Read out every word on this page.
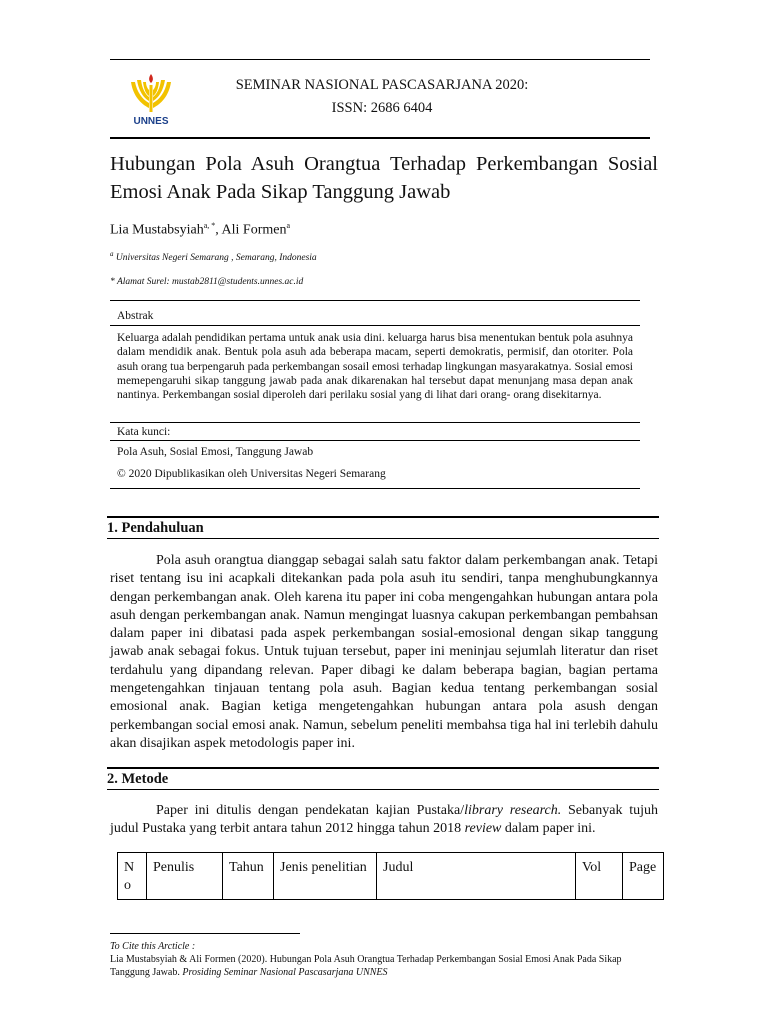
UNNES
SEMINAR NASIONAL PASCASARJANA 2020:
ISSN: 2686 6404
Hubungan Pola Asuh Orangtua Terhadap Perkembangan Sosial Emosi Anak Pada Sikap Tanggung Jawab
Lia Mustabsyiah$^{a, *}$, Ali Formen$^a$
$^a$ Universitas Negeri Semarang , Semarang, Indonesia
* Alamat Surel: mustab2811@students.unnes.ac.id
Abstrak
Keluarga adalah pendidikan pertama untuk anak usia dini. keluarga harus bisa menentukan bentuk pola asuhnya dalam mendidik anak. Bentuk pola asuh ada beberapa macam, seperti demokratis, permisif, dan otoriter. Pola asuh orang tua berpengaruh pada perkembangan sosail emosi terhadap lingkungan masyarakatnya. Sosial emosi memepengaruhi sikap tanggung jawab pada anak dikarenakan hal tersebut dapat menunjang masa depan anak nantinya. Perkembangan sosial diperoleh dari perilaku sosial yang di lihat dari orang- orang disekitarnya.
Kata kunci:
Pola Asuh, Sosial Emosi, Tanggung Jawab
© 2020 Dipublikasikan oleh Universitas Negeri Semarang
1. Pendahuluan
Pola asuh orangtua dianggap sebagai salah satu faktor dalam perkembangan anak. Tetapi riset tentang isu ini acapkali ditekankan pada pola asuh itu sendiri, tanpa menghubungkannya dengan perkembangan anak. Oleh karena itu paper ini coba mengengahkan hubungan antara pola asuh dengan perkembangan anak. Namun mengingat luasnya cakupan perkembangan pembahsan dalam paper ini dibatasi pada aspek perkembangan sosial-emosional dengan sikap tanggung jawab anak sebagai fokus. Untuk tujuan tersebut, paper ini meninjau sejumlah literatur dan riset terdahulu yang dipandang relevan. Paper dibagi ke dalam beberapa bagian, bagian pertama mengetengahkan tinjauan tentang pola asuh. Bagian kedua tentang perkembangan sosial emosional anak. Bagian ketiga mengetengahkan hubungan antara pola asush dengan perkembangan social emosi anak. Namun, sebelum peneliti membahsa tiga hal ini terlebih dahulu akan disajikan aspek metodologis paper ini.
2. Metode
Paper ini ditulis dengan pendekatan kajian Pustaka/library research. Sebanyak tujuh judul Pustaka yang terbit antara tahun 2012 hingga tahun 2018 review dalam paper ini.
N o	Penulis	Tahun	Jenis penelitian	Judul	Vol	Page
To Cite this Arcticle :
Lia Mustabsyiah & Ali Formen (2020). Hubungan Pola Asuh Orangtua Terhadap Perkembangan Sosial Emosi Anak Pada Sikap Tanggung Jawab. Prosiding Seminar Nasional Pascasarjana UNNES
